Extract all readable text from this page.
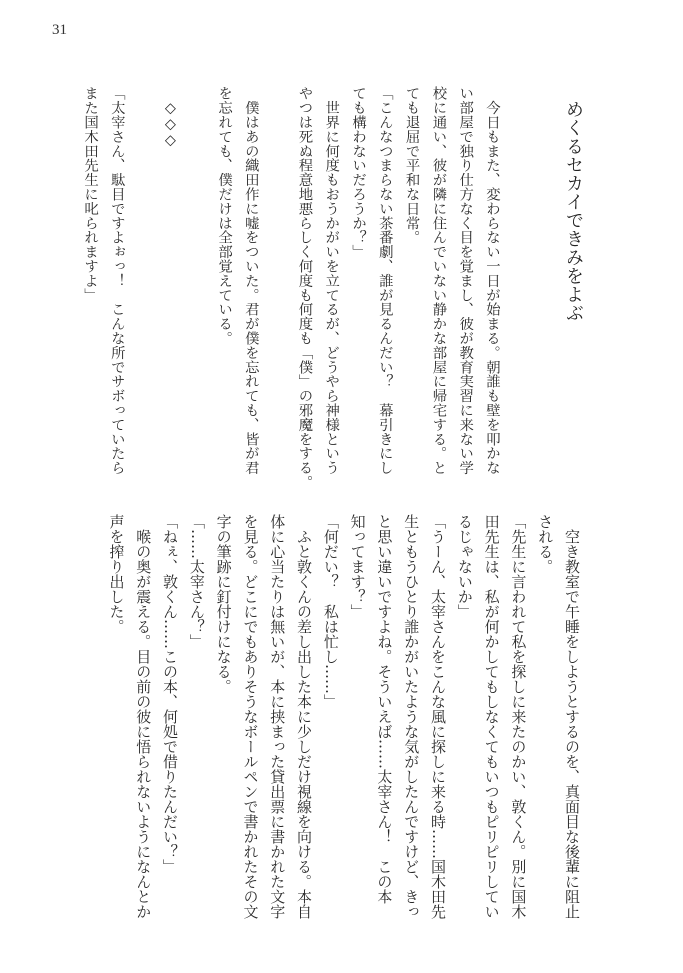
31
めくるセカイできみをよぶ
　今日もまた、変わらない一日が始まる。朝誰も壁を叩かな
い部屋で独り仕方なく目を覚まし、彼が教育実習に来ない学
校に通い、彼が隣に住んでいない静かな部屋に帰宅する。と
ても退屈で平和な日常。
「こんなつまらない茶番劇、誰が見るんだい？　幕引きにし
ても構わないだろうか？」
　世界に何度もおうかがいを立てるが、どうやら神様という
やつは死ぬ程意地悪らしく何度も何度も「僕」の邪魔をする。
　僕はあの織田作に嘘をついた。君が僕を忘れても、皆が君
を忘れても、僕だけは全部覚えている。
　◇◇◇
「太宰さん、駄目ですよぉっ！　こんな所でサボっていたら
また国木田先生に叱られますよ」
　空き教室で午睡をしようとするのを、真面目な後輩に阻止
される。
「先生に言われて私を探しに来たのかい、敦くん。別に国木
田先生は、私が何かしてもしなくてもいつもピリピリしてい
るじゃないか」
「うーん、太宰さんをこんな風に探しに来る時……国木田先
生ともうひとり誰かがいたような気がしたんですけど、きっ
と思い違いですよね。そういえば……太宰さん！　この本
知ってます？」
「何だい？　私は忙し……」
　ふと敦くんの差し出した本に少しだけ視線を向ける。本自
体に心当たりは無いが、本に挟まった貸出票に書かれた文字
を見る。どこにでもありそうなボールペンで書かれたその文
字の筆跡に釘付けになる。
「……太宰さん？」
「ねぇ、敦くん……この本、何処で借りたんだい？」
　喉の奥が震える。目の前の彼に悟られないようになんとか
声を搾り出した。
